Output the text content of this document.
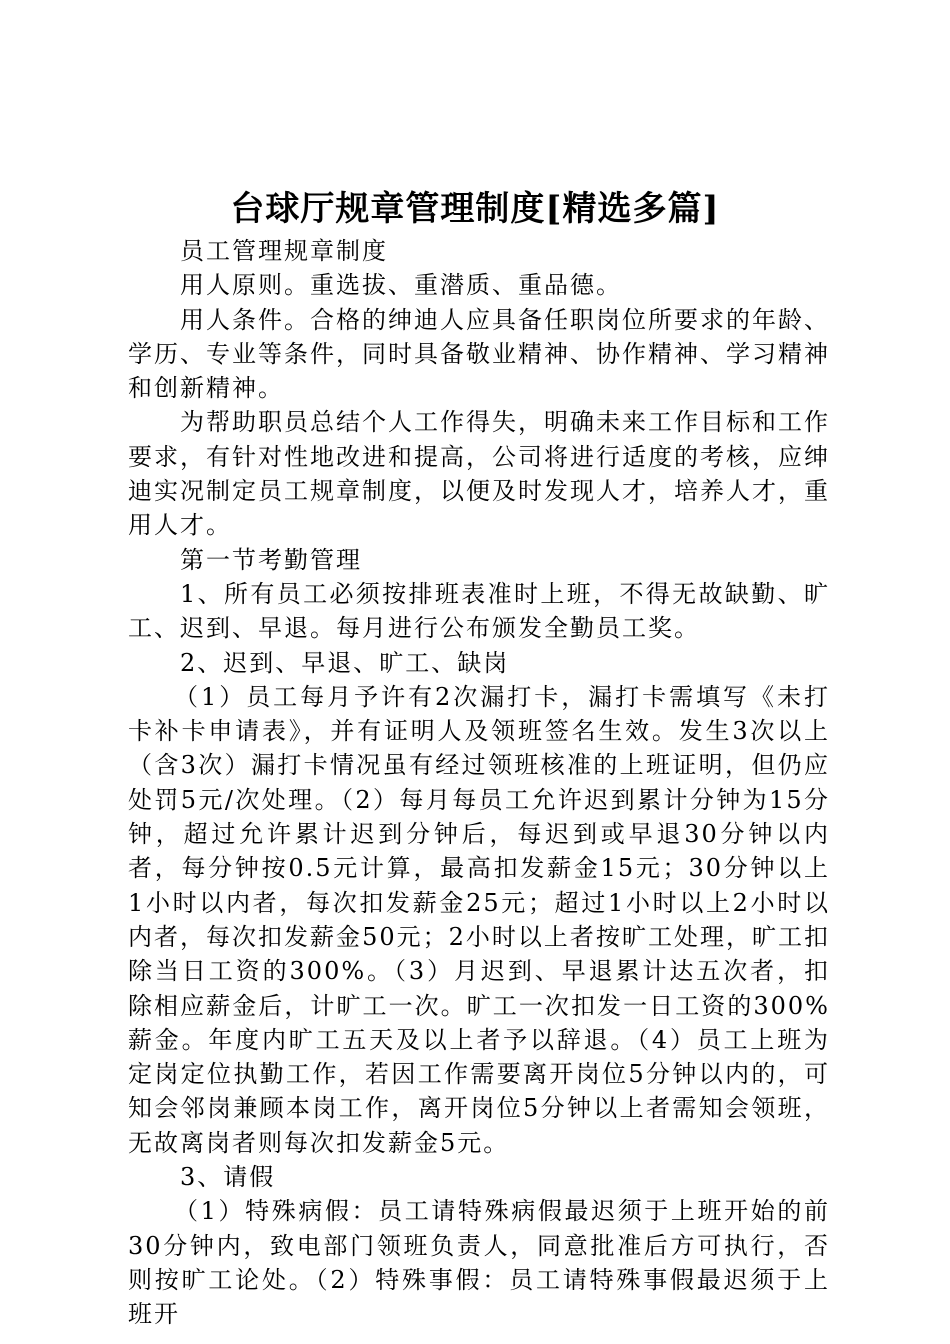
台球厅规章管理制度[精选多篇]

员工管理规章制度

用人原则。重选拔、重潜质、重品德。

用人条件。合格的绅迪人应具备任职岗位所要求的年龄、学历、专业等条件，同时具备敬业精神、协作精神、学习精神和创新精神。

为帮助职员总结个人工作得失，明确未来工作目标和工作要求，有针对性地改进和提高，公司将进行适度的考核，应绅迪实况制定员工规章制度，以便及时发现人才，培养人才，重用人才。

第一节考勤管理

1、所有员工必须按排班表准时上班，不得无故缺勤、旷工、迟到、早退。每月进行公布颁发全勤员工奖。

2、迟到、早退、旷工、缺岗

（1）员工每月予许有2次漏打卡，漏打卡需填写《未打卡补卡申请表》，并有证明人及领班签名生效。发生3次以上（含3次）漏打卡情况虽有经过领班核准的上班证明，但仍应处罚5元/次处理。（2）每月每员工允许迟到累计分钟为15分钟，超过允许累计迟到分钟后，每迟到或早退30分钟以内者，每分钟按0.5元计算，最高扣发薪金15元；30分钟以上1小时以内者，每次扣发薪金25元；超过1小时以上2小时以内者，每次扣发薪金50元；2小时以上者按旷工处理，旷工扣除当日工资的300%。（3）月迟到、早退累计达五次者，扣除相应薪金后，计旷工一次。旷工一次扣发一日工资的300%薪金。年度内旷工五天及以上者予以辞退。（4）员工上班为定岗定位执勤工作，若因工作需要离开岗位5分钟以内的，可知会邻岗兼顾本岗工作，离开岗位5分钟以上者需知会领班，无故离岗者则每次扣发薪金5元。

3、请假

（1）特殊病假：员工请特殊病假最迟须于上班开始的前30分钟内，致电部门领班负责人，同意批准后方可执行，否则按旷工论处。（2）特殊事假：员工请特殊事假最迟须于上班开
